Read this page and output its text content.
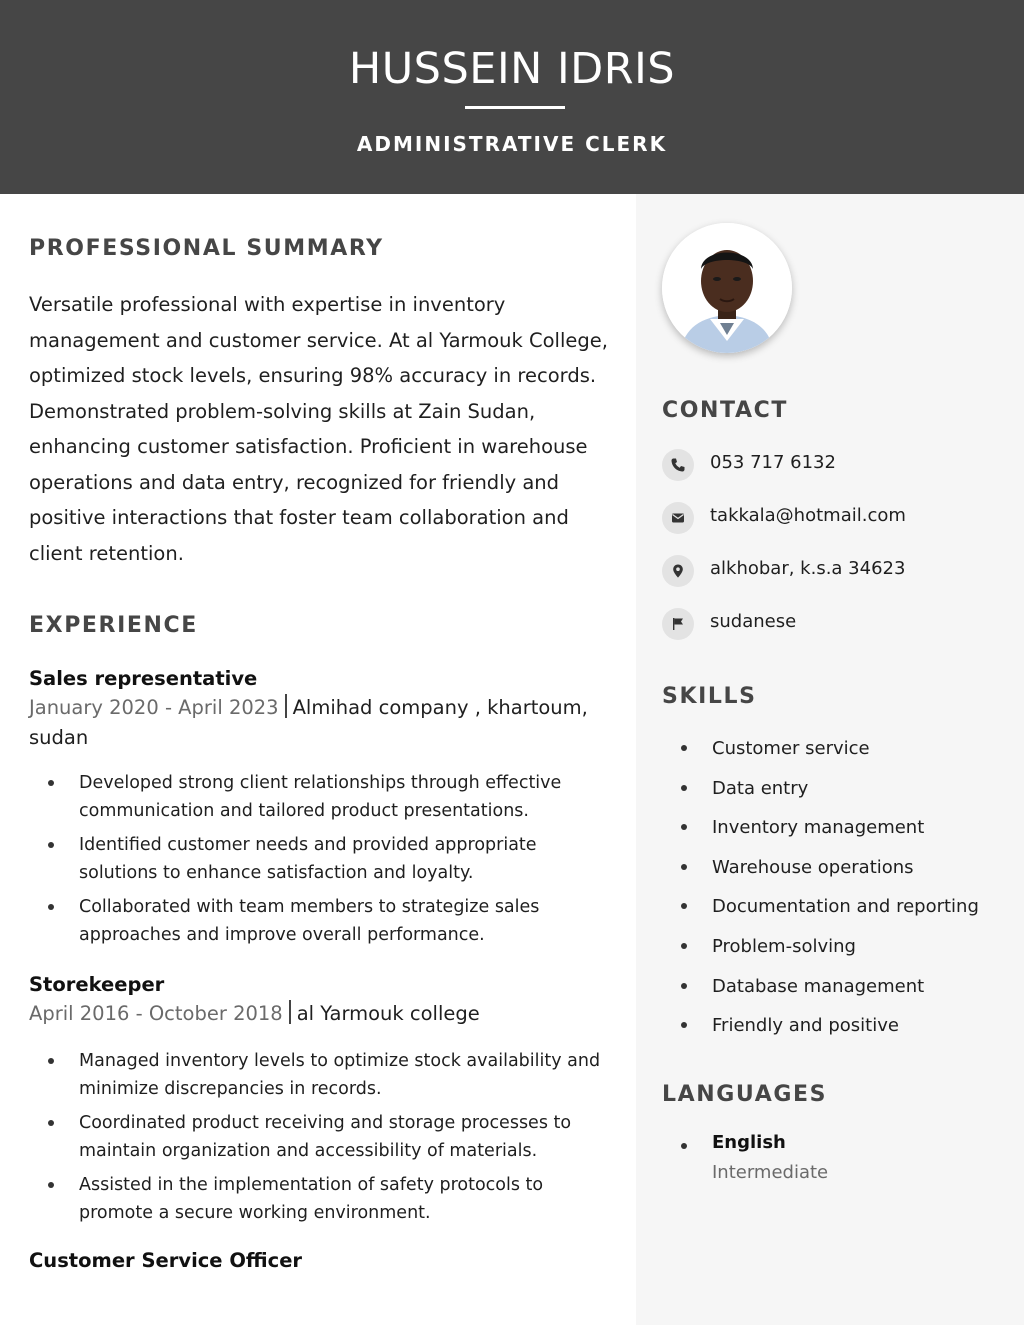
HUSSEIN IDRIS
ADMINISTRATIVE CLERK
PROFESSIONAL SUMMARY
Versatile professional with expertise in inventory management and customer service. At al Yarmouk College, optimized stock levels, ensuring 98% accuracy in records. Demonstrated problem-solving skills at Zain Sudan, enhancing customer satisfaction. Proficient in warehouse operations and data entry, recognized for friendly and positive interactions that foster team collaboration and client retention.
EXPERIENCE
Sales representative
January 2020 - April 2023 Almihad company , khartoum, sudan
Developed strong client relationships through effective communication and tailored product presentations.
Identified customer needs and provided appropriate solutions to enhance satisfaction and loyalty.
Collaborated with team members to strategize sales approaches and improve overall performance.
Storekeeper
April 2016 - October 2018 al Yarmouk college
Managed inventory levels to optimize stock availability and minimize discrepancies in records.
Coordinated product receiving and storage processes to maintain organization and accessibility of materials.
Assisted in the implementation of safety protocols to promote a secure working environment.
Customer Service Officer
CONTACT
053 717 6132
takkala@hotmail.com
alkhobar, k.s.a 34623
sudanese
SKILLS
Customer service
Data entry
Inventory management
Warehouse operations
Documentation and reporting
Problem-solving
Database management
Friendly and positive
LANGUAGES
English
Intermediate
